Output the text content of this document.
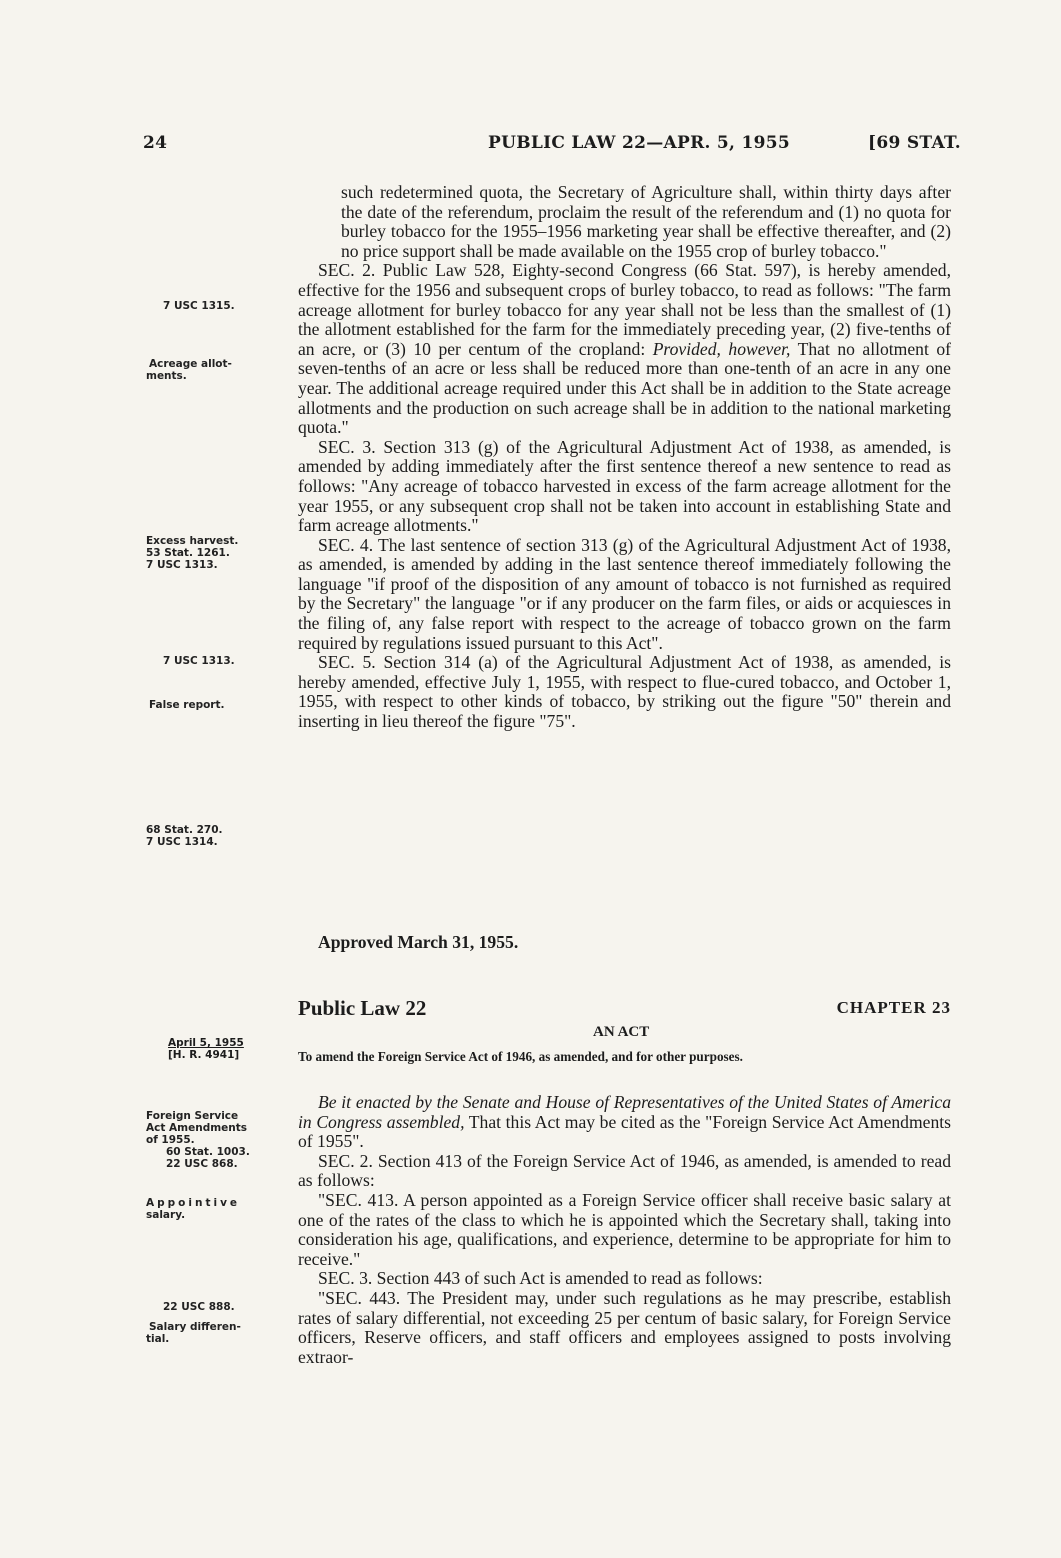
24	PUBLIC LAW 22—APR. 5, 1955	[69 STAT.
7 USC 1315.
Acreage allot-
ments.
Excess harvest.
53 Stat. 1261.
7 USC 1313.
7 USC 1313.
False report.
68 Stat. 270.
7 USC 1314.
Foreign Service
Act Amendments
of 1955.
60 Stat. 1003.
22 USC 868.
Appointive
salary.
22 USC 888.
Salary differen-
tial.

such redetermined quota, the Secretary of Agriculture shall, within thirty days after the date of the referendum, proclaim the result of the referendum and (1) no quota for burley tobacco for the 1955–1956 marketing year shall be effective thereafter, and (2) no price support shall be made available on the 1955 crop of burley tobacco."

SEC. 2. Public Law 528, Eighty-second Congress (66 Stat. 597), is hereby amended, effective for the 1956 and subsequent crops of burley tobacco, to read as follows: "The farm acreage allotment for burley tobacco for any year shall not be less than the smallest of (1) the allotment established for the farm for the immediately preceding year, (2) five-tenths of an acre, or (3) 10 per centum of the cropland: Provided, however, That no allotment of seven-tenths of an acre or less shall be reduced more than one-tenth of an acre in any one year. The additional acreage required under this Act shall be in addition to the State acreage allotments and the production on such acreage shall be in addition to the national marketing quota."

SEC. 3. Section 313 (g) of the Agricultural Adjustment Act of 1938, as amended, is amended by adding immediately after the first sentence thereof a new sentence to read as follows: "Any acreage of tobacco harvested in excess of the farm acreage allotment for the year 1955, or any subsequent crop shall not be taken into account in establishing State and farm acreage allotments."

SEC. 4. The last sentence of section 313 (g) of the Agricultural Adjustment Act of 1938, as amended, is amended by adding in the last sentence thereof immediately following the language "if proof of the disposition of any amount of tobacco is not furnished as required by the Secretary" the language "or if any producer on the farm files, or aids or acquiesces in the filing of, any false report with respect to the acreage of tobacco grown on the farm required by regulations issued pursuant to this Act".

SEC. 5. Section 314 (a) of the Agricultural Adjustment Act of 1938, as amended, is hereby amended, effective July 1, 1955, with respect to flue-cured tobacco, and October 1, 1955, with respect to other kinds of tobacco, by striking out the figure "50" therein and inserting in lieu thereof the figure "75".

Approved March 31, 1955.
Public Law 22	CHAPTER 23
AN ACT
April 5, 1955
[H. R. 4941]	To amend the Foreign Service Act of 1946, as amended, and for other purposes.

Be it enacted by the Senate and House of Representatives of the United States of America in Congress assembled, That this Act may be cited as the "Foreign Service Act Amendments of 1955".

SEC. 2. Section 413 of the Foreign Service Act of 1946, as amended, is amended to read as follows:

"SEC. 413. A person appointed as a Foreign Service officer shall receive basic salary at one of the rates of the class to which he is appointed which the Secretary shall, taking into consideration his age, qualifications, and experience, determine to be appropriate for him to receive."

SEC. 3. Section 443 of such Act is amended to read as follows:

"SEC. 443. The President may, under such regulations as he may prescribe, establish rates of salary differential, not exceeding 25 per centum of basic salary, for Foreign Service officers, Reserve officers, and staff officers and employees assigned to posts involving extraor-
